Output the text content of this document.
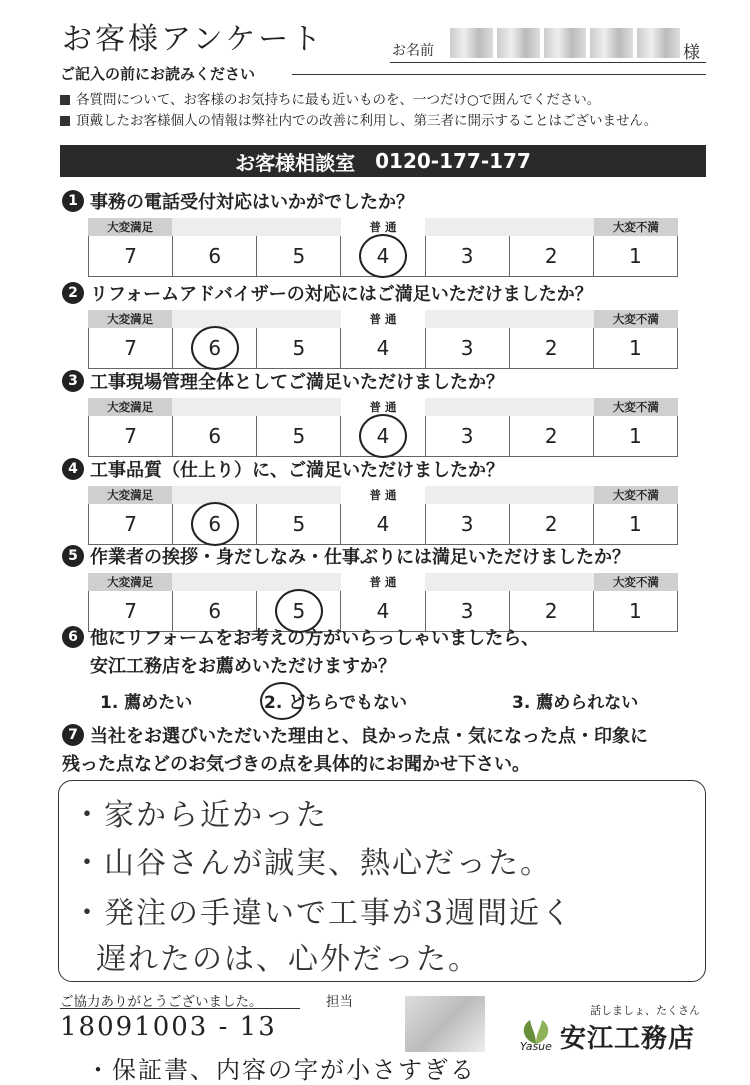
お客様アンケート	お名前	様
ご記入の前にお読みください
各質問について、お客様のお気持ちに最も近いものを、一つだけ○で囲んでください。
頂戴したお客様個人の情報は弊社内での改善に利用し、第三者に開示することはございません。
お客様相談室 0120-177-177
1 事務の電話受付対応はいかがでしたか？
大変満足	普 通	大変不満
7	6	5	4	3	2	1
2 リフォームアドバイザーの対応にはご満足いただけましたか？
大変満足	普 通	大変不満
7	6	5	4	3	2	1
3 工事現場管理全体としてご満足いただけましたか？
大変満足	普 通	大変不満
7	6	5	4	3	2	1
4 工事品質（仕上り）に、ご満足いただけましたか？
大変満足	普 通	大変不満
7	6	5	4	3	2	1
5 作業者の挨拶・身だしなみ・仕事ぶりには満足いただけましたか？
大変満足	普 通	大変不満
7	6	5	4	3	2	1
6 他にリフォームをお考えの方がいらっしゃいましたら、
安江工務店をお薦めいただけますか？
1. 薦めたい	2. どちらでもない	3. 薦められない
7 当社をお選びいただいた理由と、良かった点・気になった点・印象に
残った点などのお気づきの点を具体的にお聞かせ下さい。
・家から近かった
・山谷さんが誠実、熱心だった。
・発注の手違いで工事が3週間近く
遅れたのは、心外だった。
ご協力ありがとうございました。	担当
18091003 - 13
・保証書、内容の字が小さすぎる
話しましょ、たくさん
Yasue 安江工務店
